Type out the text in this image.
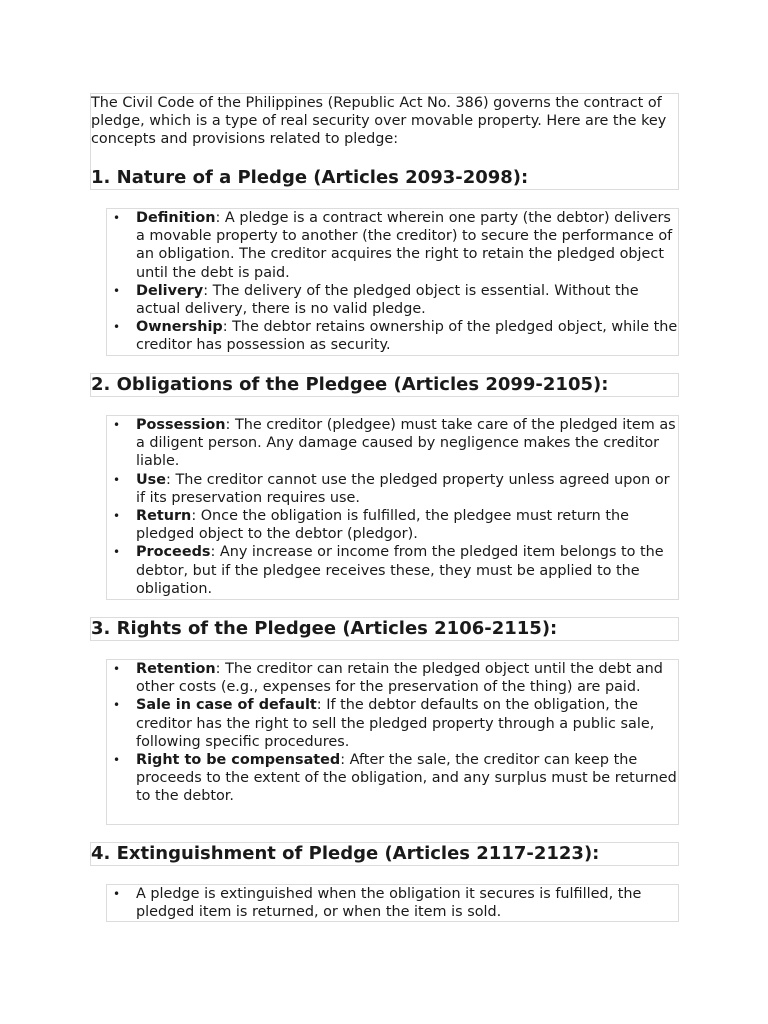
The Civil Code of the Philippines (Republic Act No. 386) governs the contract of pledge, which is a type of real security over movable property. Here are the key concepts and provisions related to pledge:

1. Nature of a Pledge (Articles 2093-2098):
• Definition: A pledge is a contract wherein one party (the debtor) delivers a movable property to another (the creditor) to secure the performance of an obligation. The creditor acquires the right to retain the pledged object until the debt is paid.
• Delivery: The delivery of the pledged object is essential. Without the actual delivery, there is no valid pledge.
• Ownership: The debtor retains ownership of the pledged object, while the creditor has possession as security.
2. Obligations of the Pledgee (Articles 2099-2105):
• Possession: The creditor (pledgee) must take care of the pledged item as a diligent person. Any damage caused by negligence makes the creditor liable.
• Use: The creditor cannot use the pledged property unless agreed upon or if its preservation requires use.
• Return: Once the obligation is fulfilled, the pledgee must return the pledged object to the debtor (pledgor).
• Proceeds: Any increase or income from the pledged item belongs to the debtor, but if the pledgee receives these, they must be applied to the obligation.
3. Rights of the Pledgee (Articles 2106-2115):
• Retention: The creditor can retain the pledged object until the debt and other costs (e.g., expenses for the preservation of the thing) are paid.
• Sale in case of default: If the debtor defaults on the obligation, the creditor has the right to sell the pledged property through a public sale, following specific procedures.
• Right to be compensated: After the sale, the creditor can keep the proceeds to the extent of the obligation, and any surplus must be returned to the debtor.
4. Extinguishment of Pledge (Articles 2117-2123):
• A pledge is extinguished when the obligation it secures is fulfilled, the pledged item is returned, or when the item is sold.
